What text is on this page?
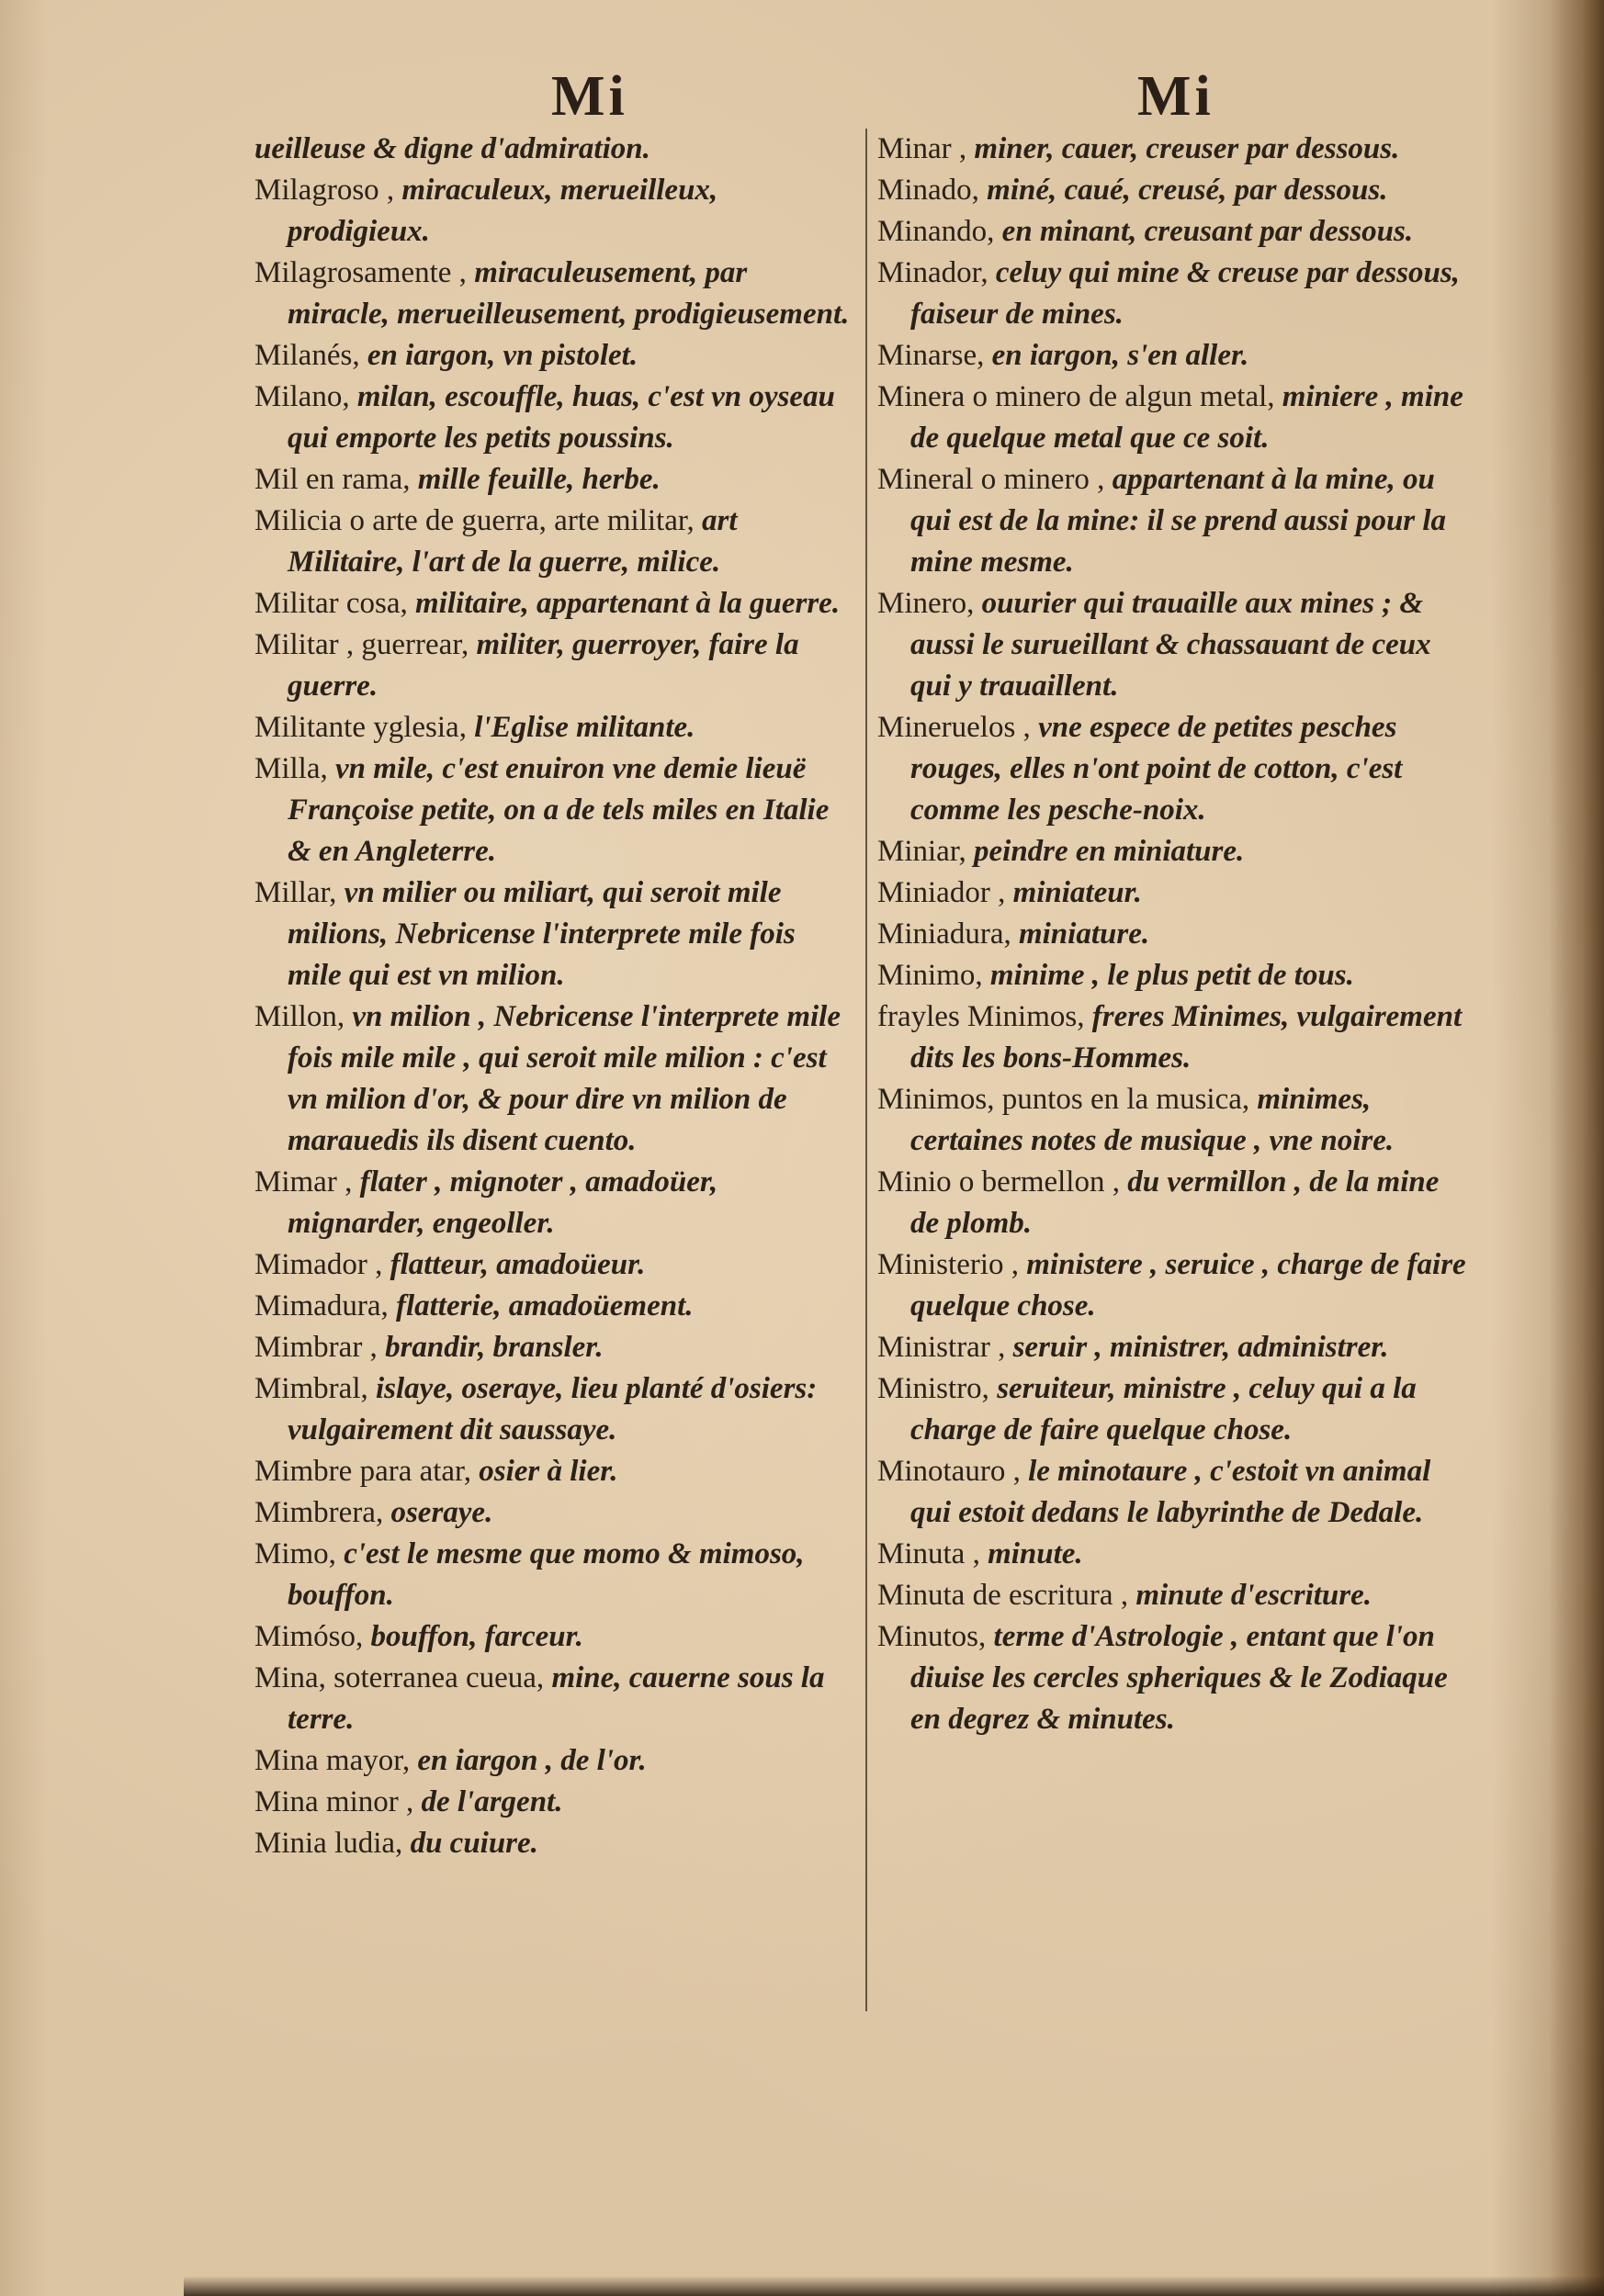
Mi	Mi

ueilleuse & digne d'admiration.

Milagroso , miraculeux, merueilleux, prodigieux.

Milagrosamente , miraculeusement, par miracle, merueilleusement, prodigieusement.

Milanés, en iargon, vn pistolet.

Milano, milan, escouffle, huas, c'est vn oyseau qui emporte les petits poussins.

Mil en rama, mille feuille, herbe.

Milicia o arte de guerra, arte militar, art Militaire, l'art de la guerre, milice.

Militar cosa, militaire, appartenant à la guerre.

Militar , guerrear, militer, guerroyer, faire la guerre.

Militante yglesia, l'Eglise militante.

Milla, vn mile, c'est enuiron vne demie lieuë Françoise petite, on a de tels miles en Italie & en Angleterre.

Millar, vn milier ou miliart, qui seroit mile milions, Nebricense l'interprete mile fois mile qui est vn milion.

Millon, vn milion , Nebricense l'interprete mile fois mile mile , qui seroit mile milion : c'est vn milion d'or, & pour dire vn milion de marauedis ils disent cuento.

Mimar , flater , mignoter , amadoüer, mignarder, engeoller.

Mimador , flatteur, amadoüeur.

Mimadura, flatterie, amadoüement.

Mimbrar , brandir, bransler.

Mimbral, islaye, oseraye, lieu planté d'osiers: vulgairement dit saussaye.

Mimbre para atar, osier à lier.

Mimbrera, oseraye.

Mimo, c'est le mesme que momo & mimoso, bouffon.

Mimóso, bouffon, farceur.

Mina, soterranea cueua, mine, cauerne sous la terre.

Mina mayor, en iargon , de l'or.

Mina minor , de l'argent.

Minia ludia, du cuiure.

Minar , miner, cauer, creuser par dessous.

Minado, miné, caué, creusé, par dessous.

Minando, en minant, creusant par dessous.

Minador, celuy qui mine & creuse par dessous, faiseur de mines.

Minarse, en iargon, s'en aller.

Minera o minero de algun metal, miniere , mine de quelque metal que ce soit.

Mineral o minero , appartenant à la mine, ou qui est de la mine: il se prend aussi pour la mine mesme.

Minero, ouurier qui trauaille aux mines ; & aussi le surueillant & chassauant de ceux qui y trauaillent.

Mineruelos , vne espece de petites pesches rouges, elles n'ont point de cotton, c'est comme les pesche-noix.

Miniar, peindre en miniature.

Miniador , miniateur.

Miniadura, miniature.

Minimo, minime , le plus petit de tous.

frayles Minimos, freres Minimes, vulgairement dits les bons-Hommes.

Minimos, puntos en la musica, minimes, certaines notes de musique , vne noire.

Minio o bermellon , du vermillon , de la mine de plomb.

Ministerio , ministere , seruice , charge de faire quelque chose.

Ministrar , seruir , ministrer, administrer.

Ministro, seruiteur, ministre , celuy qui a la charge de faire quelque chose.

Minotauro , le minotaure , c'estoit vn animal qui estoit dedans le labyrinthe de Dedale.

Minuta , minute.

Minuta de escritura , minute d'escriture.

Minutos, terme d'Astrologie , entant que l'on diuise les cercles spheriques & le Zodiaque en degrez & minutes.
